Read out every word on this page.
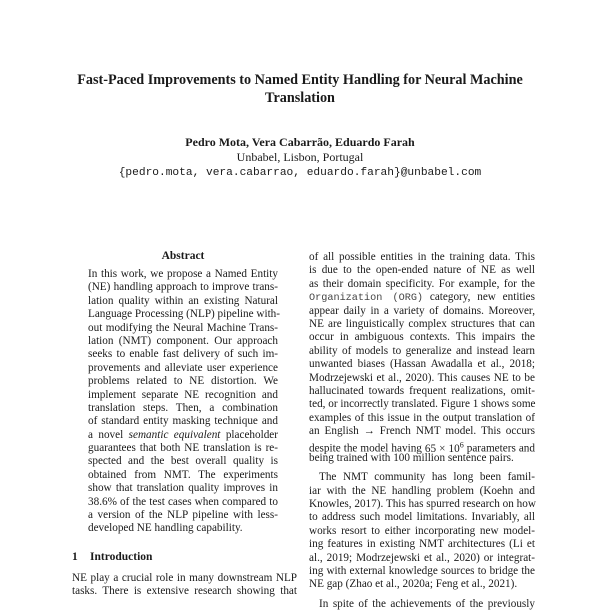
Fast-Paced Improvements to Named Entity Handling for Neural Machine
Translation
Pedro Mota, Vera Cabarrão, Eduardo Farah
Unbabel, Lisbon, Portugal
{pedro.mota, vera.cabarrao, eduardo.farah}@unbabel.com
Abstract
In this work, we propose a Named Entity
(NE) handling approach to improve trans-
lation quality within an existing Natural
Language Processing (NLP) pipeline with-
out modifying the Neural Machine Trans-
lation (NMT) component. Our approach
seeks to enable fast delivery of such im-
provements and alleviate user experience
problems related to NE distortion. We
implement separate NE recognition and
translation steps. Then, a combination
of standard entity masking technique and
a novel semantic equivalent placeholder
guarantees that both NE translation is re-
spected and the best overall quality is
obtained from NMT. The experiments
show that translation quality improves in
38.6% of the test cases when compared to
a version of the NLP pipeline with less-
developed NE handling capability.
1 Introduction
NE play a crucial role in many downstream NLP
tasks. There is extensive research showing that
of all possible entities in the training data. This
is due to the open-ended nature of NE as well
as their domain specificity. For example, for the
Organization (ORG) category, new entities
appear daily in a variety of domains. Moreover,
NE are linguistically complex structures that can
occur in ambiguous contexts. This impairs the
ability of models to generalize and instead learn
unwanted biases (Hassan Awadalla et al., 2018;
Modrzejewski et al., 2020). This causes NE to be
hallucinated towards frequent realizations, omit-
ted, or incorrectly translated. Figure 1 shows some
examples of this issue in the output translation of
an English → French NMT model. This occurs
despite the model having $65 \times 10^6$ parameters and
being trained with 100 million sentence pairs.
The NMT community has long been famil-
iar with the NE handling problem (Koehn and
Knowles, 2017). This has spurred research on how
to address such model limitations. Invariably, all
works resort to either incorporating new model-
ing features in existing NMT architectures (Li et
al., 2019; Modrzejewski et al., 2020) or integrat-
ing with external knowledge sources to bridge the
NE gap (Zhao et al., 2020a; Feng et al., 2021).
In spite of the achievements of the previously
